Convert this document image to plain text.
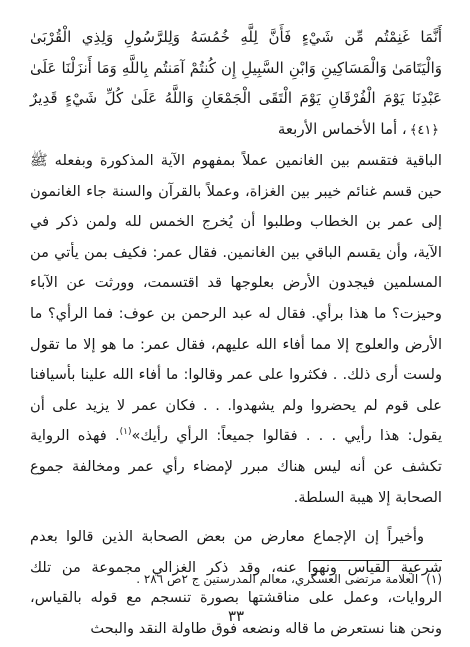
أَنَّمَا غَنِمْتُم مِّن شَيْءٍ فَأَنَّ لِلَّهِ خُمُسَهُ وَلِلرَّسُولِ وَلِذِي الْقُرْبَىٰ وَالْيَتَامَىٰ وَالْمَسَاكِينِ وَابْنِ السَّبِيلِ إِن كُنتُمْ آمَنتُم بِاللَّهِ وَمَا أَنزَلْنَا عَلَىٰ عَبْدِنَا يَوْمَ الْفُرْقَانِ يَوْمَ الْتَقَى الْجَمْعَانِ وَاللَّهُ عَلَىٰ كُلِّ شَيْءٍ قَدِيرٌ ﴿٤١﴾، أما الأخماس الأربعة

الباقية فتقسم بين الغانمين عملاً بمفهوم الآية المذكورة وبفعله ﷺ حين قسم غنائم خيبر بين الغزاة، وعملاً بالقرآن والسنة جاء الغانمون إلى عمر بن الخطاب وطلبوا أن يُخرج الخمس لله ولمن ذكر في الآية، وأن يقسم الباقي بين الغانمين. فقال عمر: فكيف بمن يأتي من المسلمين فيجدون الأرض بعلوجها قد اقتسمت، وورثت عن الآباء وحيزت؟ ما هذا برأي. فقال له عبد الرحمن بن عوف: فما الرأي؟ ما الأرض والعلوج إلا مما أفاء الله عليهم، فقال عمر: ما هو إلا ما تقول ولست أرى ذلك. . فكثروا على عمر وقالوا: ما أفاء الله علينا بأسيافنا على قوم لم يحضروا ولم يشهدوا. . . فكان عمر لا يزيد على أن يقول: هذا رأيي . . . فقالوا جميعاً: الرأي رأيك»$^{(١)}$. فهذه الرواية تكشف عن أنه ليس هناك مبرر لإمضاء رأي عمر ومخالفة جموع الصحابة إلا هيبة السلطة.

وأخيراً إن الإجماع معارض من بعض الصحابة الذين قالوا بعدم شرعية القياس ونهوا عنه، وقد ذكر الغزالي مجموعة من تلك الروايات، وعمل على مناقشتها بصورة تنسجم مع قوله بالقياس، ونحن هنا نستعرض ما قاله ونضعه فوق طاولة النقد والبحث

(١)العلامة مرتضى العسكري، معالم المدرستين ج ٢ص ٢٨٦ .

٣٣
